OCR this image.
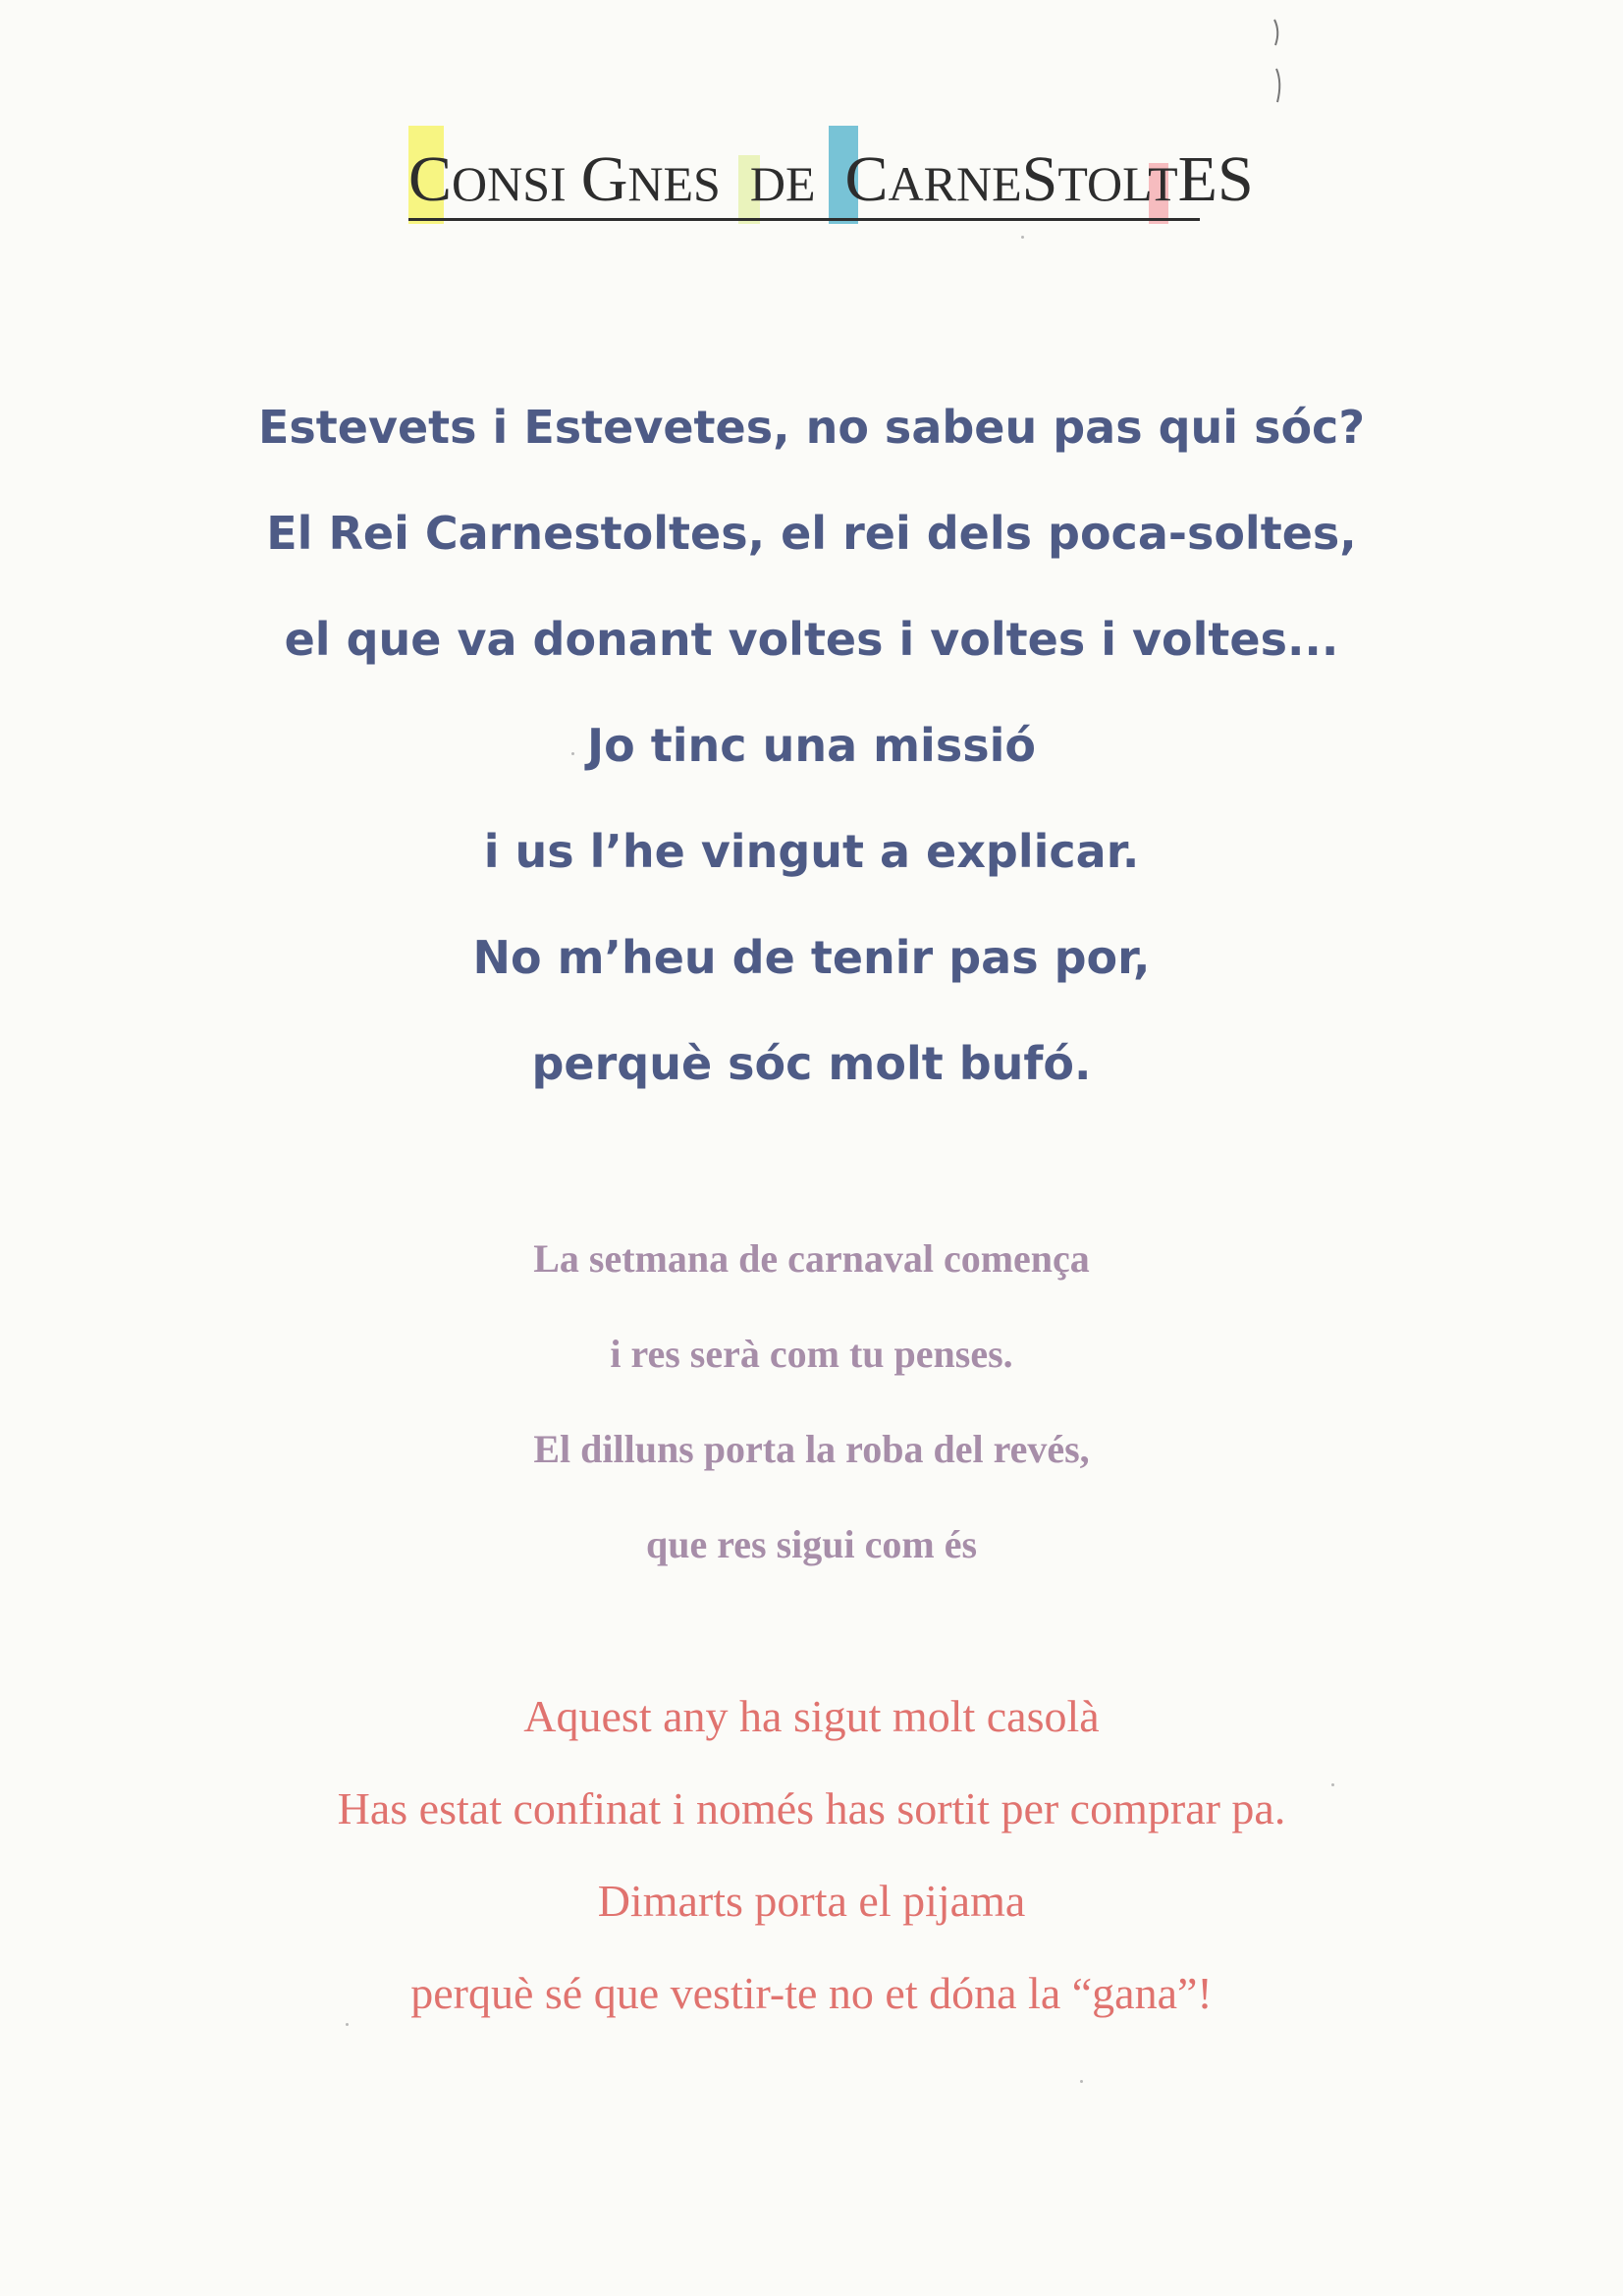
CONSI GNES DE CARNESTOLTES
Estevets i Estevetes, no sabeu pas qui sóc?
El Rei Carnestoltes, el rei dels poca-soltes,
el que va donant voltes i voltes i voltes...
Jo tinc una missió
i us l’he vingut a explicar.
No m’heu de tenir pas por,
perquè sóc molt bufó.
La setmana de carnaval comença
i res serà com tu penses.
El dilluns porta la roba del revés,
que res sigui com és
Aquest any ha sigut molt casolà
Has estat confinat i només has sortit per comprar pa.
Dimarts porta el pijama
perquè sé que vestir-te no et dóna la “gana”!
